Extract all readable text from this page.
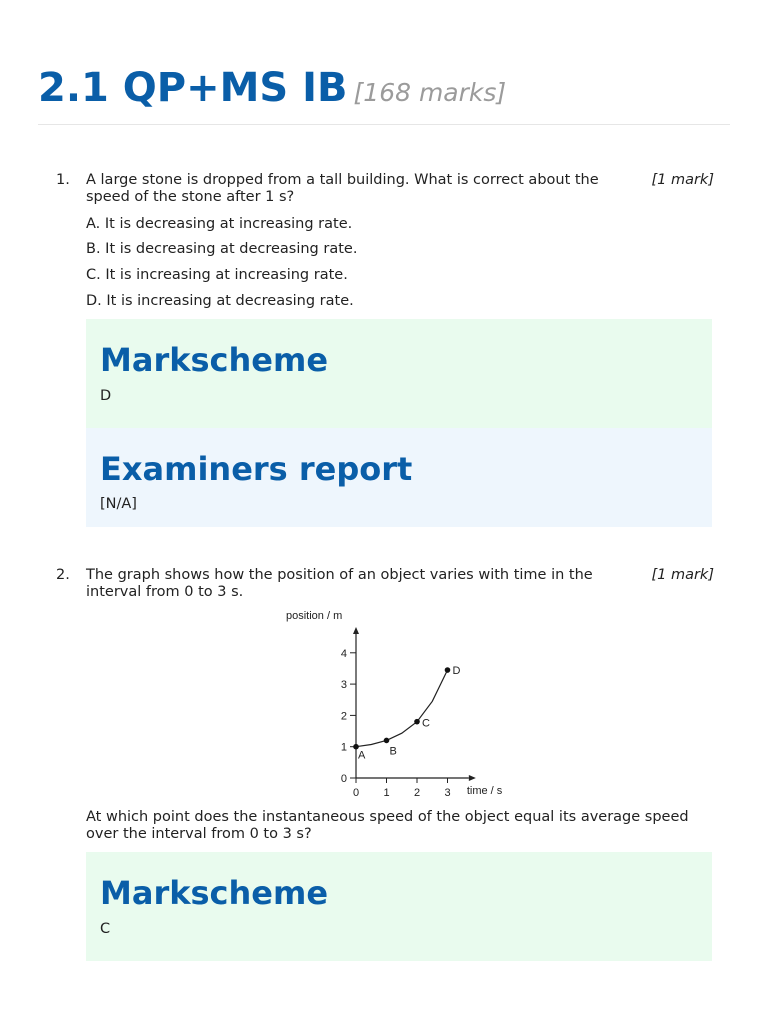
2.1 QP+MS IB [168 marks]
1. A large stone is dropped from a tall building. What is correct about the speed of the stone after 1 s?
[1 mark]
A. It is decreasing at increasing rate.
B. It is decreasing at decreasing rate.
C. It is increasing at increasing rate.
D. It is increasing at decreasing rate.
Markscheme
D
Examiners report
[N/A]
2. The graph shows how the position of an object varies with time in the interval from 0 to 3 s.
[1 mark]
0
1
2
3
4
0 1 2 3
position / m
time / s
A B
C
D
At which point does the instantaneous speed of the object equal its average speed over the interval from 0 to 3 s?
Markscheme
C
